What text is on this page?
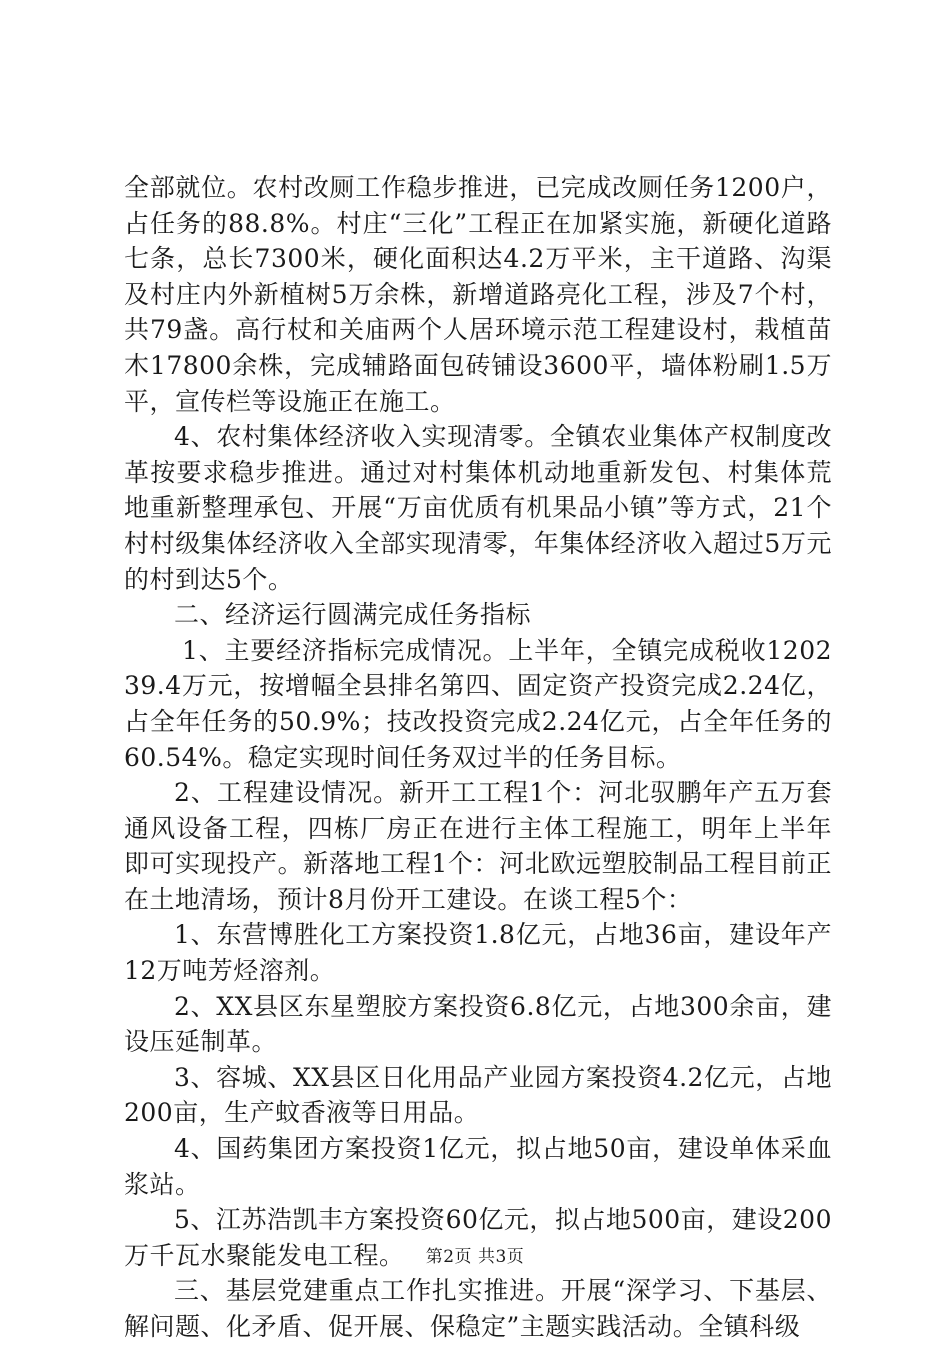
全部就位。农村改厕工作稳步推进，已完成改厕任务1200户，占任务的88.8%。村庄“三化”工程正在加紧实施，新硬化道路七条，总长7300米，硬化面积达4.2万平米，主干道路、沟渠及村庄内外新植树5万余株，新增道路亮化工程，涉及7个村，共79盏。高行杖和关庙两个人居环境示范工程建设村，栽植苗木17800余株，完成辅路面包砖铺设3600平，墙体粉刷1.5万平，宣传栏等设施正在施工。

4、农村集体经济收入实现清零。全镇农业集体产权制度改革按要求稳步推进。通过对村集体机动地重新发包、村集体荒地重新整理承包、开展“万亩优质有机果品小镇”等方式，21个村村级集体经济收入全部实现清零，年集体经济收入超过5万元的村到达5个。

二、经济运行圆满完成任务指标

1、主要经济指标完成情况。上半年，全镇完成税收120239.4万元，按增幅全县排名第四、固定资产投资完成2.24亿，占全年任务的50.9%；技改投资完成2.24亿元，占全年任务的60.54%。稳定实现时间任务双过半的任务目标。

2、工程建设情况。新开工工程1个：河北驭鹏年产五万套通风设备工程，四栋厂房正在进行主体工程施工，明年上半年即可实现投产。新落地工程1个：河北欧远塑胶制品工程目前正在土地清场，预计8月份开工建设。在谈工程5个：

1、东营博胜化工方案投资1.8亿元，占地36亩，建设年产12万吨芳烃溶剂。

2、XX县区东星塑胶方案投资6.8亿元，占地300余亩，建设压延制革。

3、容城、XX县区日化用品产业园方案投资4.2亿元，占地200亩，生产蚊香液等日用品。

4、国药集团方案投资1亿元，拟占地50亩，建设单体采血浆站。

5、江苏浩凯丰方案投资60亿元，拟占地500亩，建设200万千瓦水聚能发电工程。

三、基层党建重点工作扎实推进。开展“深学习、下基层、解问题、化矛盾、促开展、保稳定”主题实践活动。全镇科级

第2页 共3页
